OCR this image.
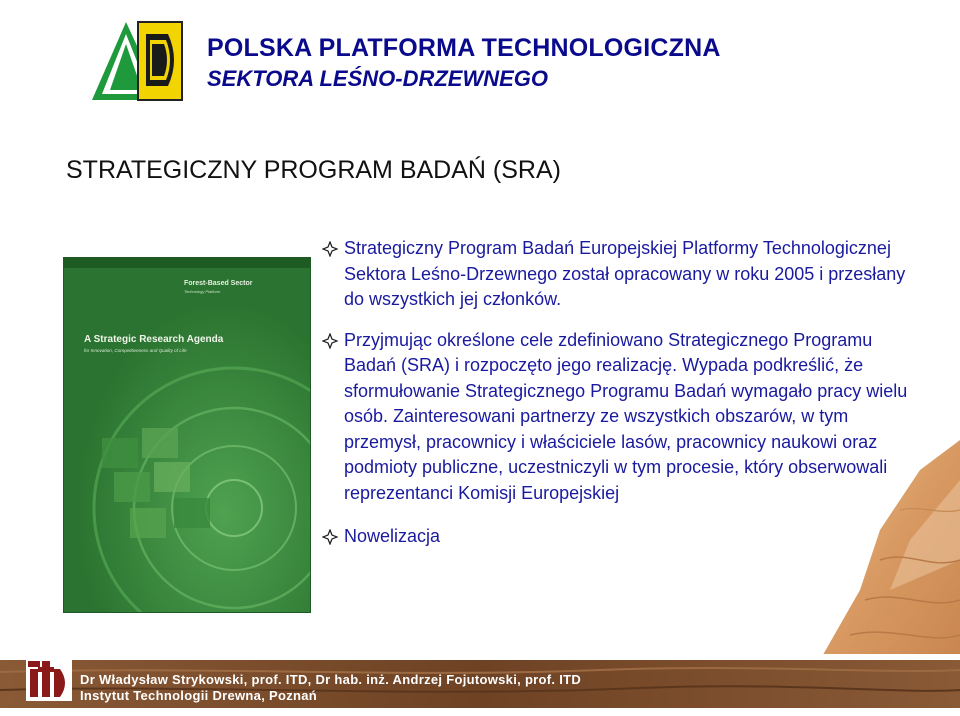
POLSKA PLATFORMA TECHNOLOGICZNA
SEKTORA LEŚNO-DRZEWNEGO
STRATEGICZNY PROGRAM BADAŃ (SRA)
Forest-Based Sector
Technology Platform
A Strategic Research Agenda
for Innovation, Competitiveness and Quality of Life

Strategiczny Program Badań Europejskiej Platformy Technologicznej Sektora Leśno-Drzewnego został opracowany w roku 2005 i przesłany do wszystkich jej członków.

Przyjmując określone cele zdefiniowano Strategicznego Programu Badań (SRA) i rozpoczęto jego realizację. Wypada podkreślić, że sformułowanie Strategicznego Programu Badań wymagało pracy wielu osób. Zainteresowani partnerzy ze wszystkich obszarów, w tym przemysł, pracownicy i właściciele lasów, pracownicy naukowi oraz podmioty publiczne, uczestniczyli w tym procesie, który obserwowali reprezentanci Komisji Europejskiej

Nowelizacja

Dr Władysław Strykowski, prof. ITD, Dr hab. inż. Andrzej Fojutowski, prof. ITD
Instytut Technologii Drewna, Poznań
